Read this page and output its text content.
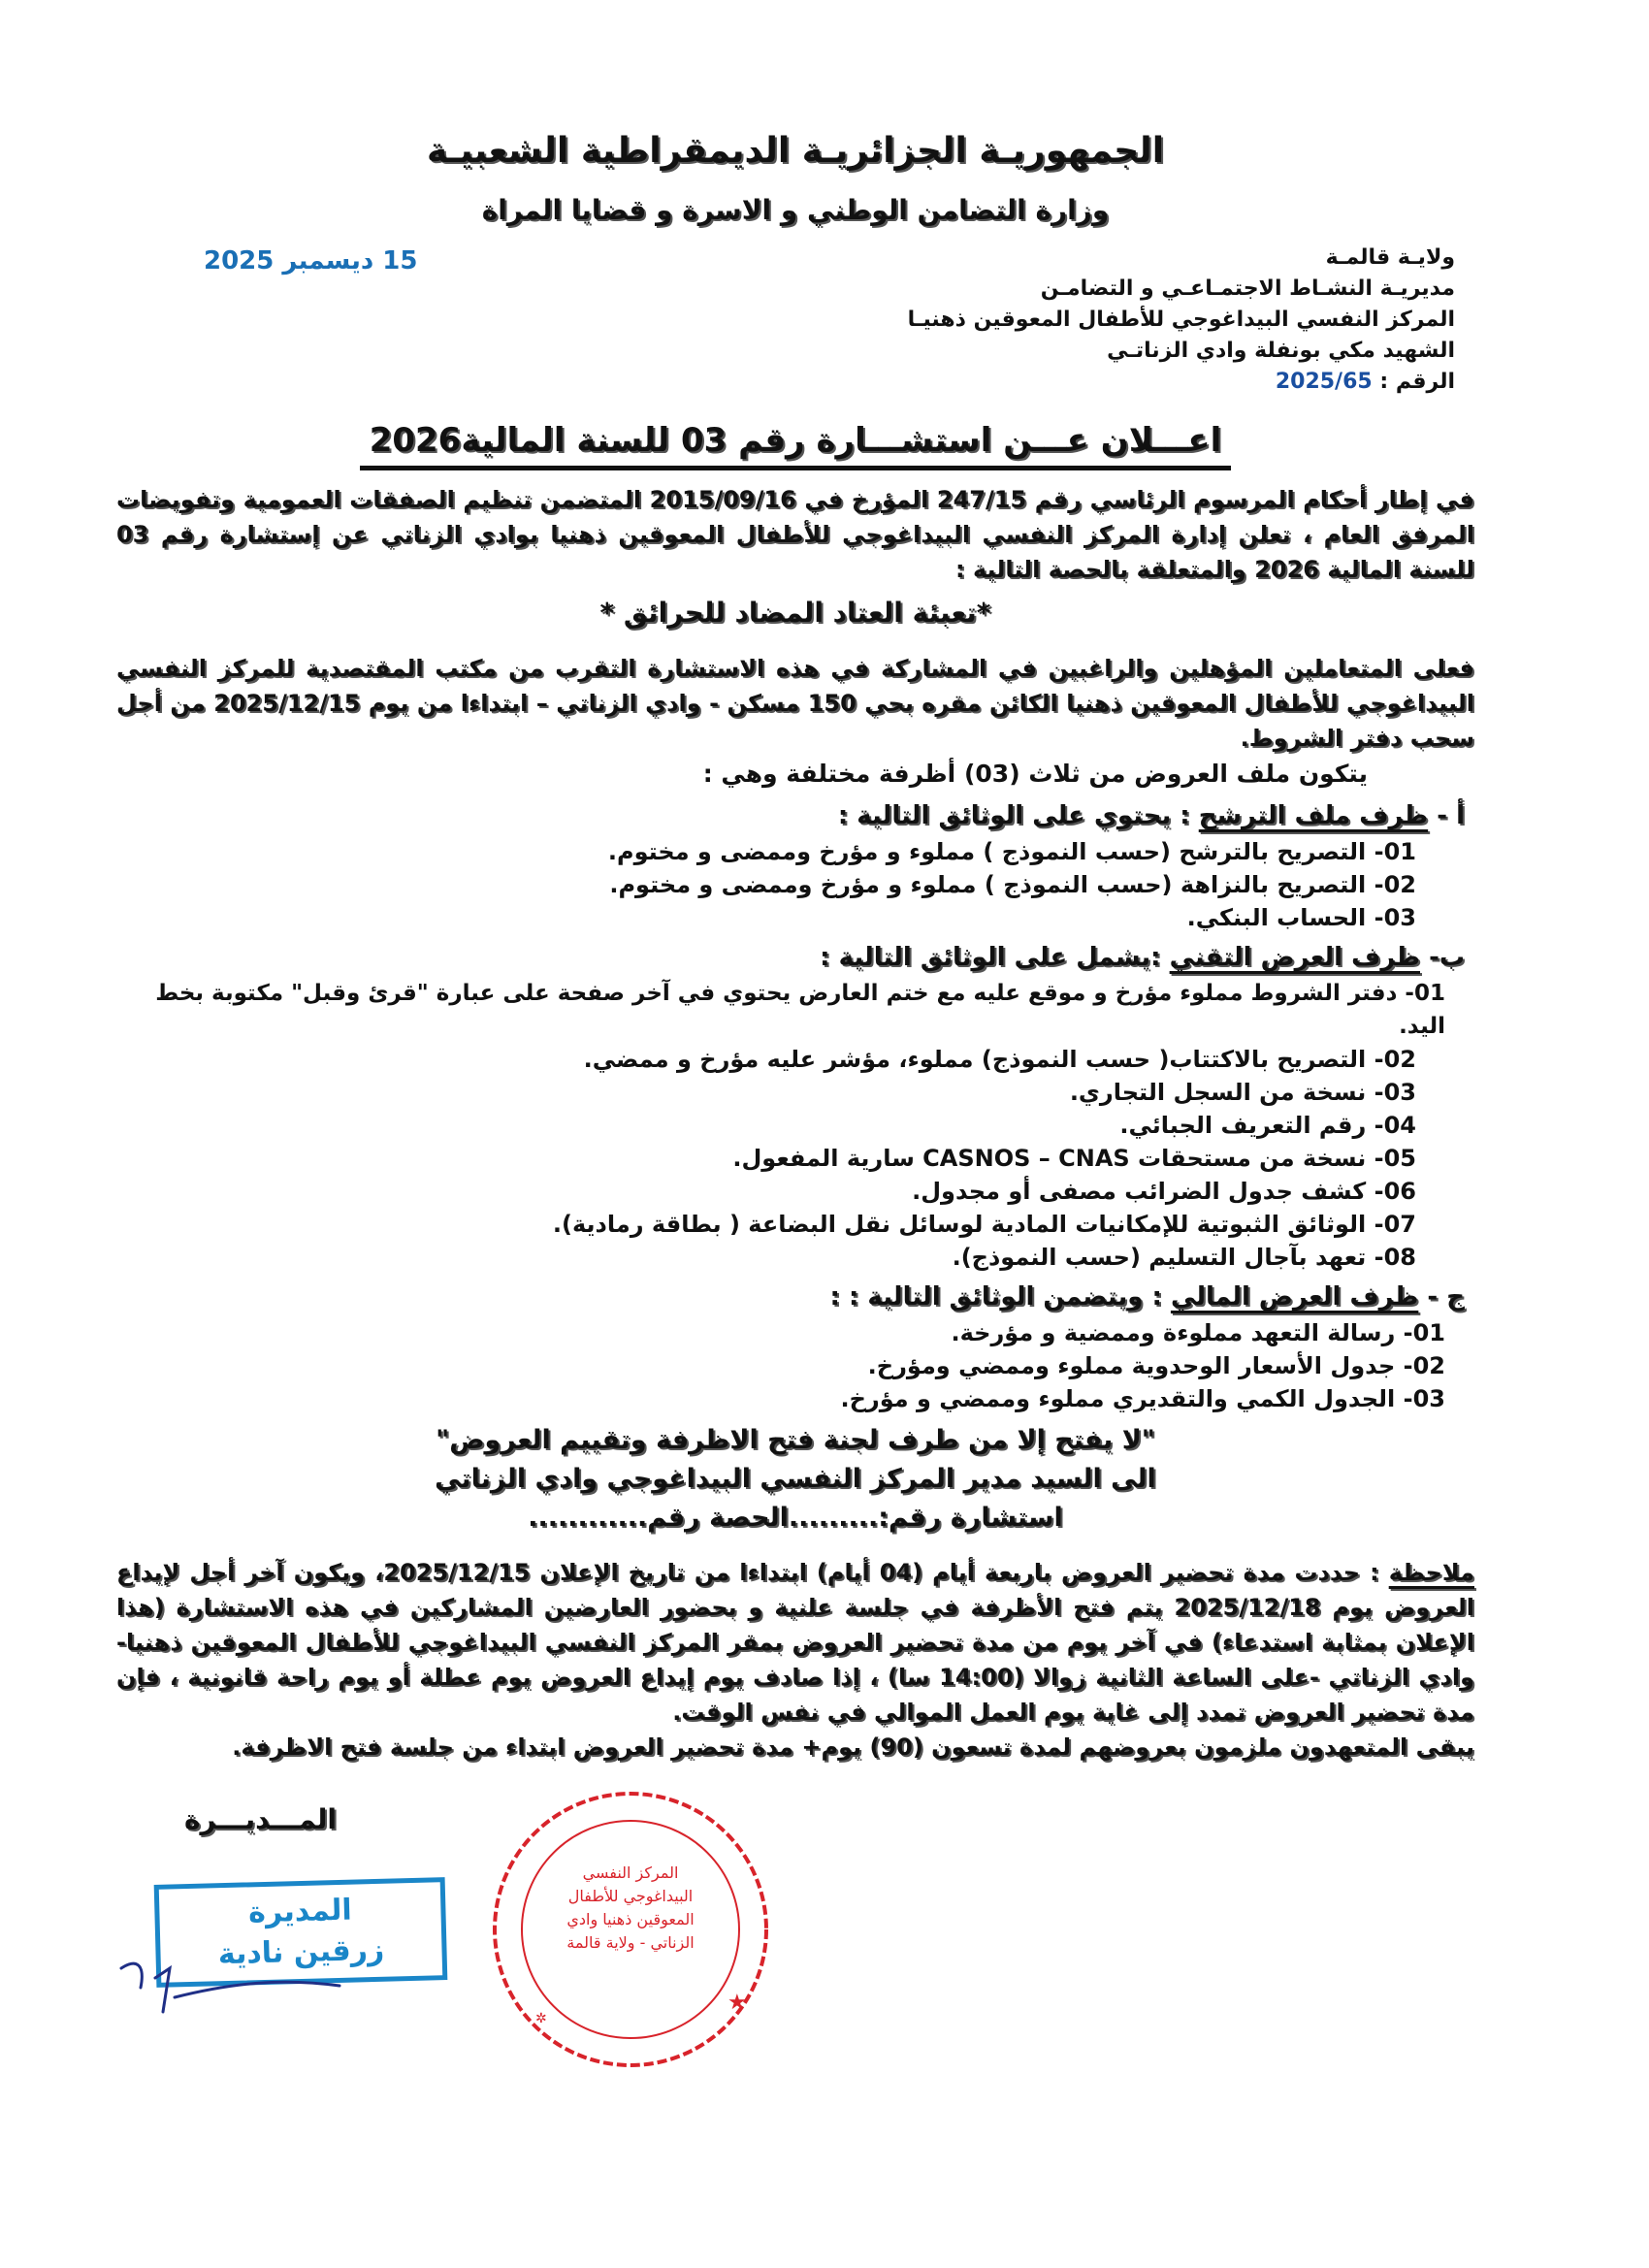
الجمهوريـة الجزائريـة الديمقراطية الشعبيـة
وزارة التضامن الوطني و الاسرة و قضايا المراة
ولايـة قالمـة
مديريـة النشـاط الاجتمـاعـي و التضامـن
المركز النفسي البيداغوجي للأطفال المعوقين ذهنيـا
الشهيد مكي بونفلة وادي الزناتـي
الرقم : 2025/65
15 ديسمبر 2025
اعـــلان عـــن استشـــارة رقم 03 للسنة المالية2026

في إطار أحكام المرسوم الرئاسي رقم 247/15 المؤرخ في 2015/09/16 المتضمن تنظيم الصفقات العمومية وتفويضات المرفق العام ، تعلن إدارة المركز النفسي البيداغوجي للأطفال المعوقين ذهنيا بوادي الزناتي عن إستشارة رقم 03 للسنة المالية 2026 والمتعلقة بالحصة التالية :

*تعبئة العتاد المضاد للحرائق *

فعلى المتعاملين المؤهلين والراغبين في المشاركة في هذه الاستشارة التقرب من مكتب المقتصدية للمركز النفسي البيداغوجي للأطفال المعوقين ذهنيا الكائن مقره بحي 150 مسكن - وادي الزناتي – ابتداءا من يوم 2025/12/15 من أجل سحب دفتر الشروط.

يتكون ملف العروض من ثلاث (03) أظرفة مختلفة وهي :
أ - ظرف ملف الترشح : يحتوي على الوثائق التالية :
01- التصريح بالترشح (حسب النموذج ) مملوء و مؤرخ وممضى و مختوم.
02- التصريح بالنزاهة (حسب النموذج ) مملوء و مؤرخ وممضى و مختوم.
03- الحساب البنكي.
ب- ظرف العرض التقني :يشمل على الوثائق التالية :
01- دفتر الشروط مملوء مؤرخ و موقع عليه مع ختم العارض يحتوي في آخر صفحة على عبارة "قرئ وقبل" مكتوبة بخط اليد.
02- التصريح بالاكتتاب( حسب النموذج) مملوء، مؤشر عليه مؤرخ و ممضي.
03- نسخة من السجل التجاري.
04- رقم التعريف الجبائي.
05- نسخة من مستحقات CASNOS – CNAS سارية المفعول.
06- كشف جدول الضرائب مصفى أو مجدول.
07- الوثائق الثبوتية للإمكانيات المادية لوسائل نقل البضاعة ( بطاقة رمادية).
08- تعهد بآجال التسليم (حسب النموذج).
ج - ظرف العرض المالي : ويتضمن الوثائق التالية : :
01- رسالة التعهد مملوءة وممضية و مؤرخة.
02- جدول الأسعار الوحدوية مملوء وممضي ومؤرخ.
03- الجدول الكمي والتقديري مملوء وممضي و مؤرخ.
"لا يفتح إلا من طرف لجنة فتح الاظرفة وتقييم العروض"
الى السيد مدير المركز النفسي البيداغوجي وادي الزناتي
استشارة رقم:.........الحصة رقم............

ملاحظة : حددت مدة تحضير العروض باربعة أيام (04 أيام) ابتداءا من تاريخ الإعلان 2025/12/15، ويكون آخر أجل لإيداع العروض يوم 2025/12/18 يتم فتح الأظرفة في جلسة علنية و بحضور العارضين المشاركين في هذه الاستشارة (هذا الإعلان بمثابة استدعاء) في آخر يوم من مدة تحضير العروض بمقر المركز النفسي البيداغوجي للأطفال المعوقين ذهنيا- وادي الزناتي -على الساعة الثانية زوالا (14:00 سا) ، إذا صادف يوم إيداع العروض يوم عطلة أو يوم راحة قانونية ، فإن مدة تحضير العروض تمدد إلى غاية يوم العمل الموالي في نفس الوقت.

يبقى المتعهدون ملزمون بعروضهم لمدة تسعون (90) يوم+ مدة تحضير العروض ابتداء من جلسة فتح الاظرفة.

المـــديـــرة
المديرة
زرقين نادية
★
✲
المركز النفسي البيداغوجي للأطفال المعوقين ذهنيا وادي الزناتي - ولاية قالمة
